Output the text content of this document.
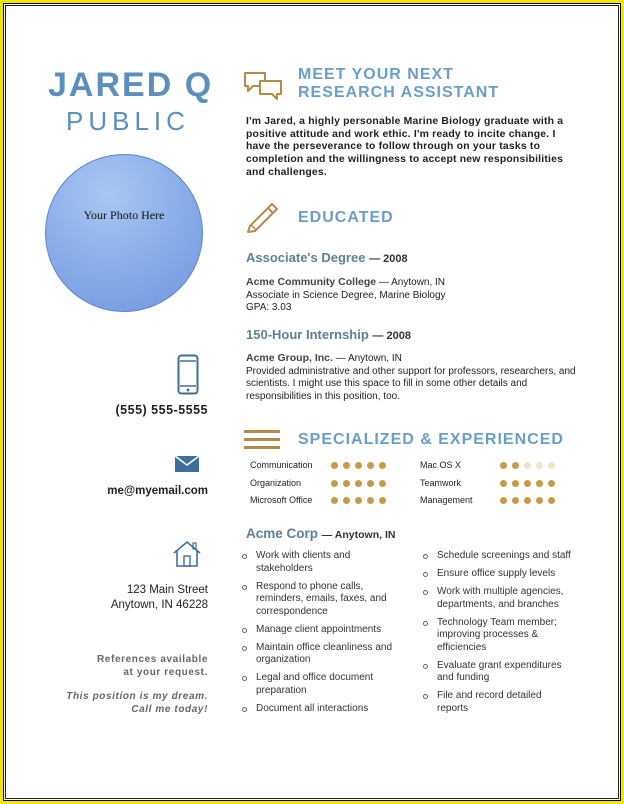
JARED Q
PUBLIC
Your Photo Here
(555) 555-5555
me@myemail.com
123 Main Street
Anytown, IN 46228
References available
at your request.
This position is my dream.
Call me today!
MEET YOUR NEXT
RESEARCH ASSISTANT
I'm Jared, a highly personable Marine Biology graduate with a positive attitude and work ethic. I'm ready to incite change. I have the perseverance to follow through on your tasks to completion and the willingness to accept new responsibilities and challenges.
EDUCATED
Associate's Degree — 2008
Acme Community College — Anytown, IN
Associate in Science Degree, Marine Biology
GPA: 3.03
150-Hour Internship — 2008
Acme Group, Inc. — Anytown, IN
Provided administrative and other support for professors, researchers, and scientists. I might use this space to fill in some other details and responsibilities in this position, too.
SPECIALIZED & EXPERIENCED
Communication
Organization
Microsoft Office
Mac OS X
Teamwork
Management
Acme Corp — Anytown, IN
Work with clients and stakeholders
Respond to phone calls, reminders, emails, faxes, and correspondence
Manage client appointments
Maintain office cleanliness and organization
Legal and office document preparation
Document all interactions
Schedule screenings and staff
Ensure office supply levels
Work with multiple agencies, departments, and branches
Technology Team member; improving processes & efficiencies
Evaluate grant expenditures and funding
File and record detailed reports
